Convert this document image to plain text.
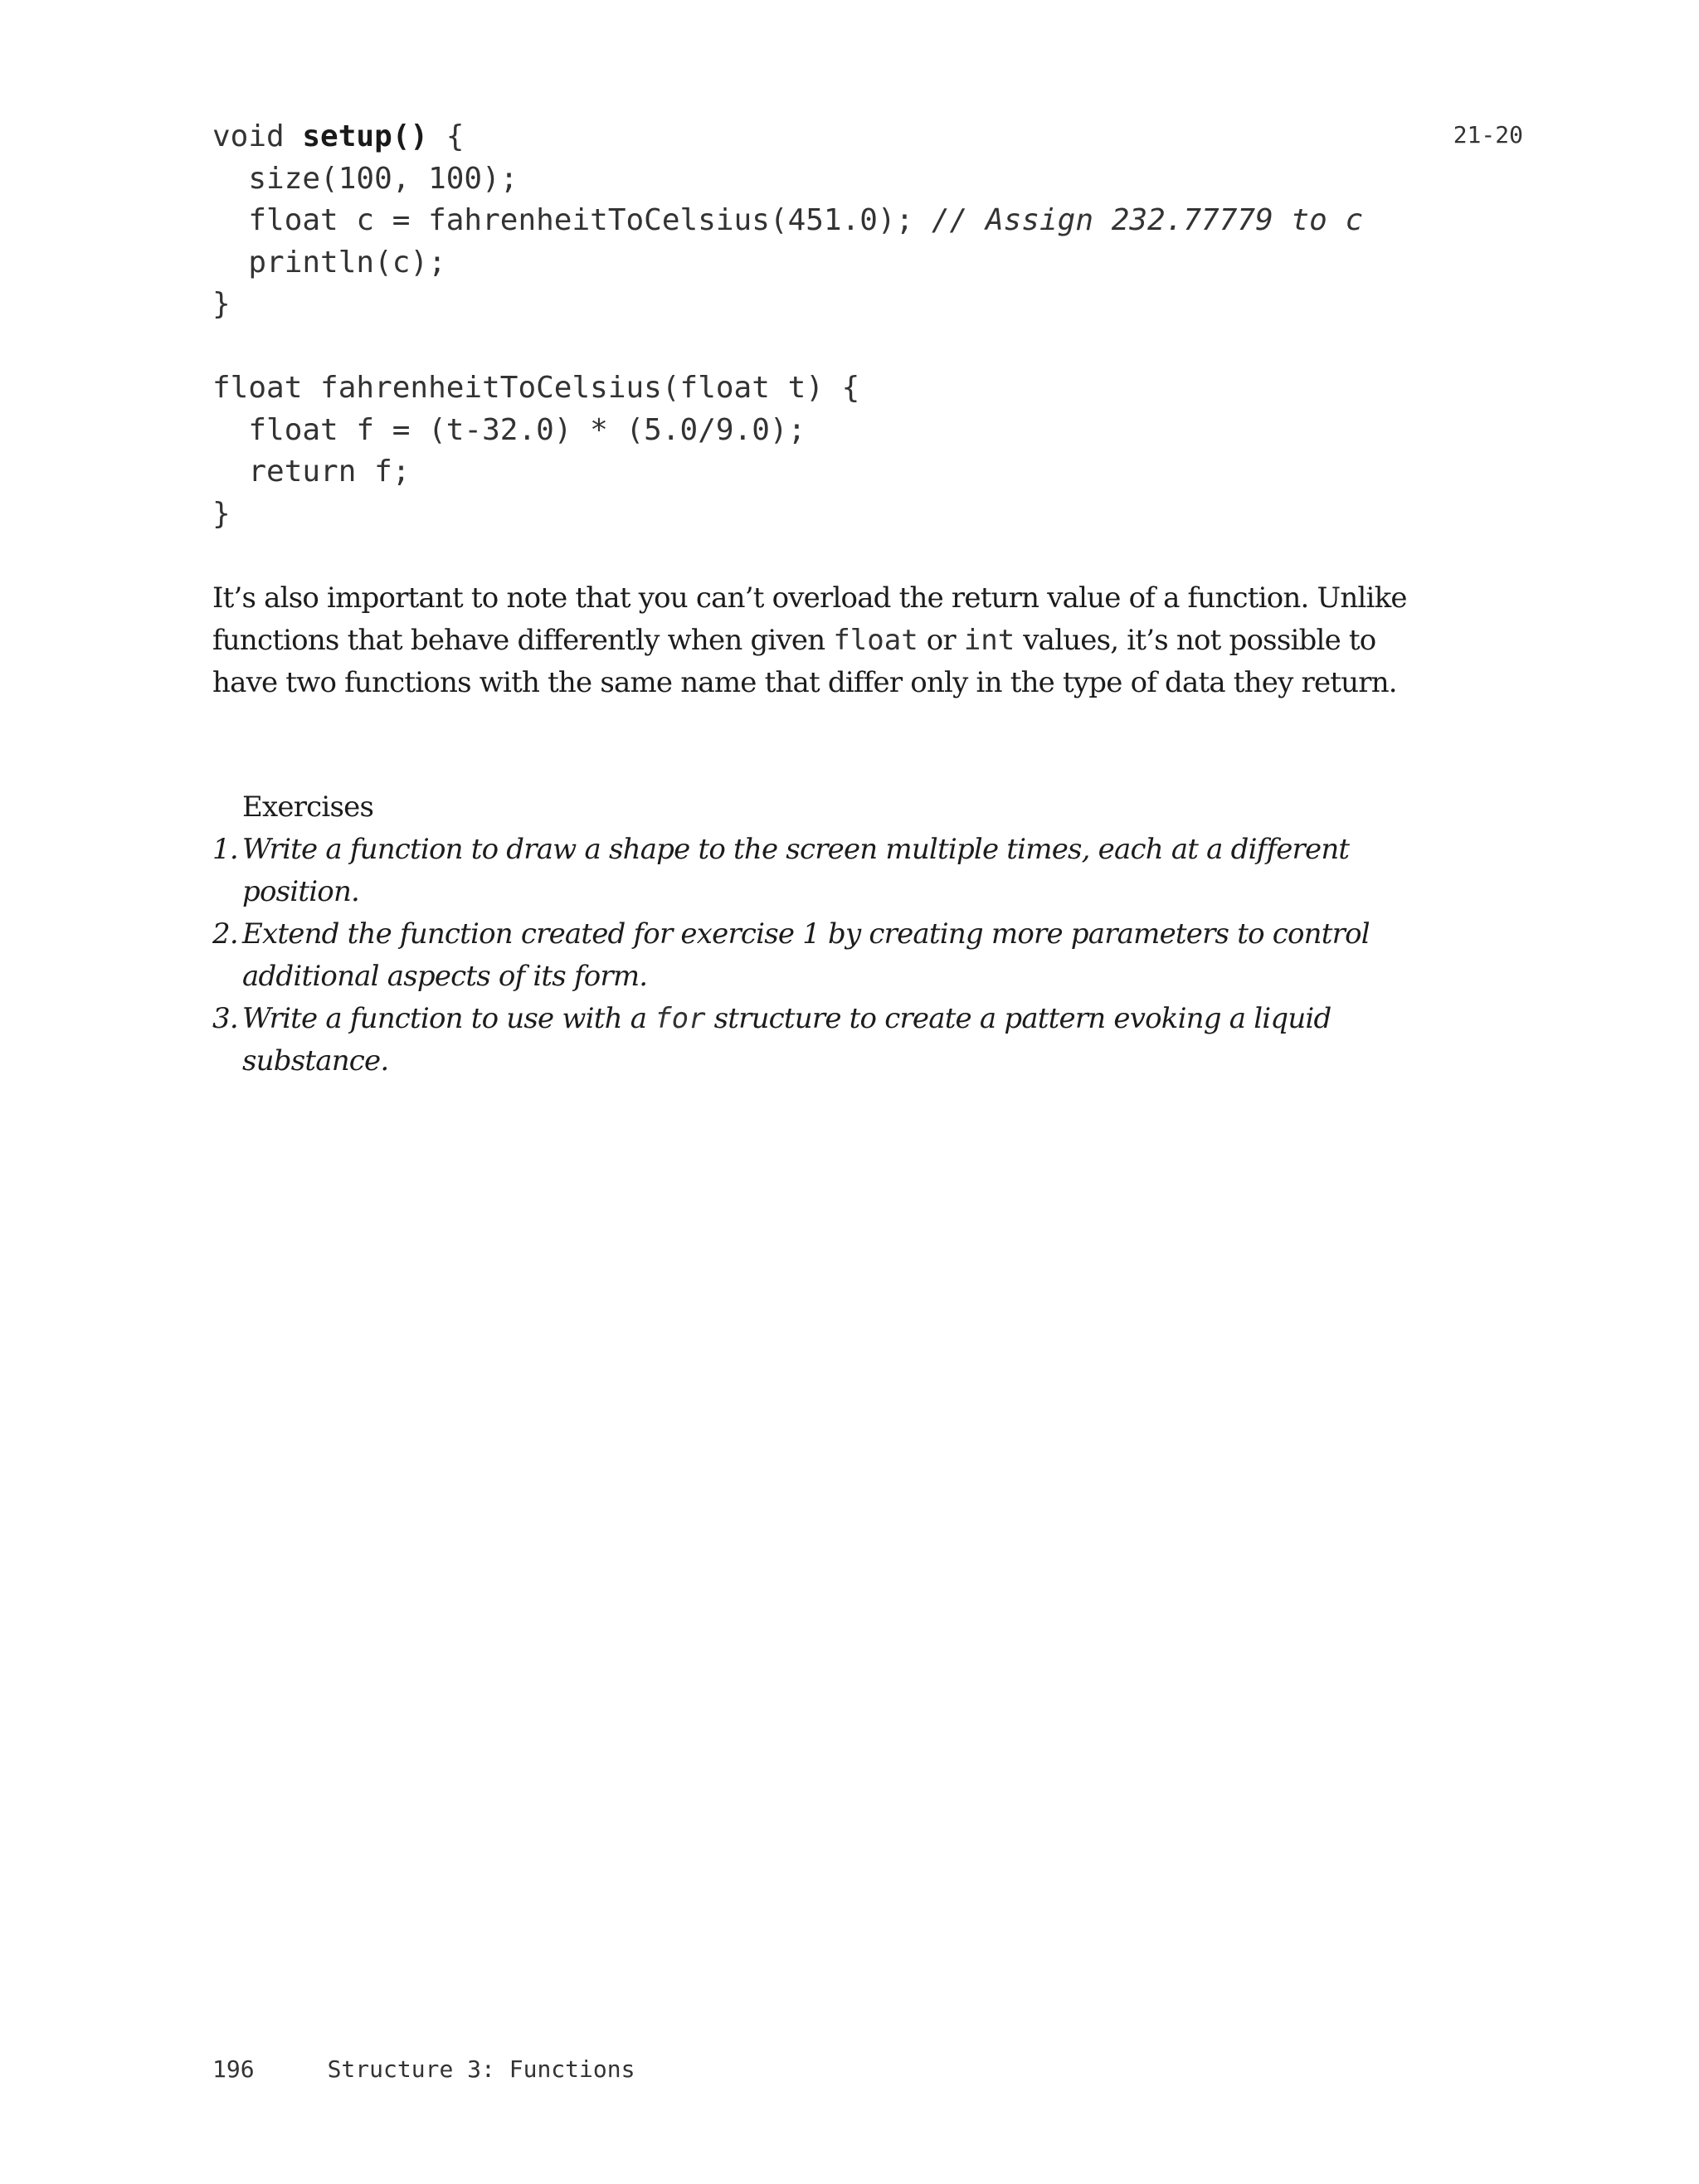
21-20
void setup() {
size(100, 100);
float c = fahrenheitToCelsius(451.0); // Assign 232.77779 to c
println(c);
}
float fahrenheitToCelsius(float t) {
float f = (t-32.0) * (5.0/9.0);
return f;
}

It’s also important to note that you can’t overload the return value of a function. Unlike functions that behave differently when given float or int values, it’s not possible to have two functions with the same name that differ only in the type of data they return.

Exercises
1. Write a function to draw a shape to the screen multiple times, each at a different position.
2. Extend the function created for exercise 1 by creating more parameters to control additional aspects of its form.
3. Write a function to use with a for structure to create a pattern evoking a liquid substance.
196	Structure 3: Functions
